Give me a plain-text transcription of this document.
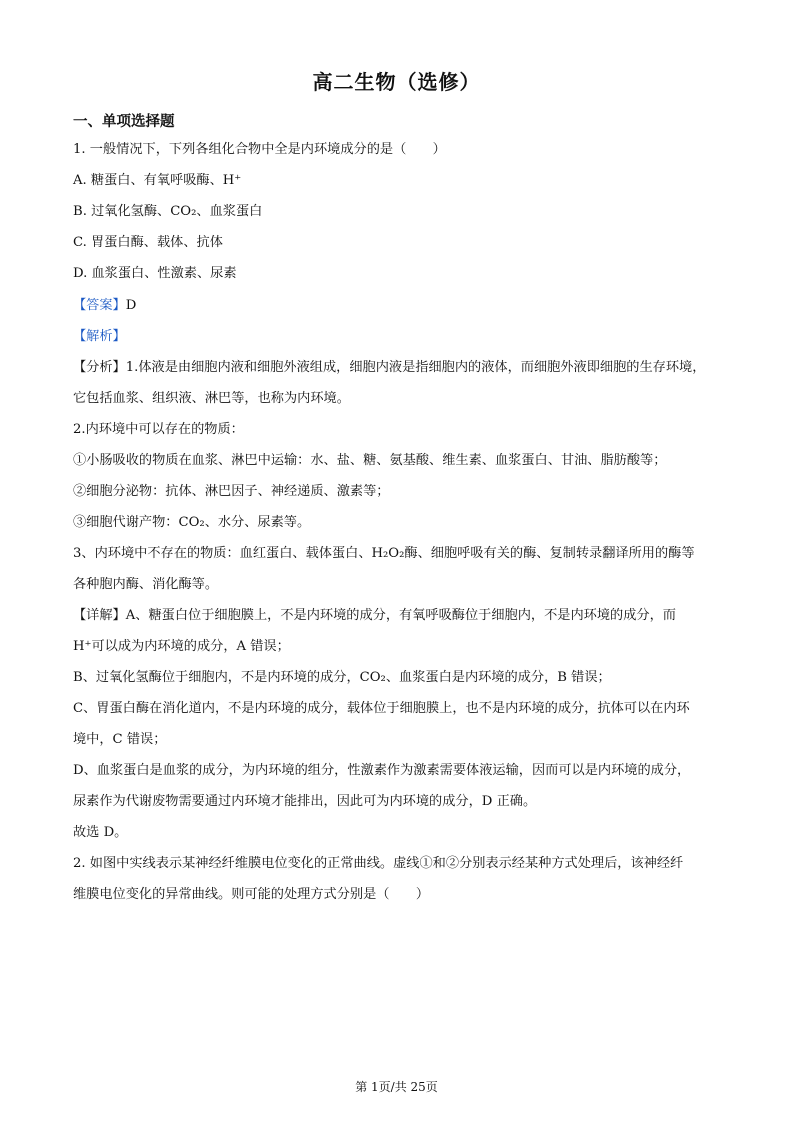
高二生物（选修）
一、单项选择题
1. 一般情况下，下列各组化合物中全是内环境成分的是（　　）
A. 糖蛋白、有氧呼吸酶、H⁺
B. 过氧化氢酶、CO₂、血浆蛋白
C. 胃蛋白酶、载体、抗体
D. 血浆蛋白、性激素、尿素
【答案】D
【解析】
【分析】1.体液是由细胞内液和细胞外液组成，细胞内液是指细胞内的液体，而细胞外液即细胞的生存环境，
它包括血浆、组织液、淋巴等，也称为内环境。
2.内环境中可以存在的物质：
①小肠吸收的物质在血浆、淋巴中运输：水、盐、糖、氨基酸、维生素、血浆蛋白、甘油、脂肪酸等；
②细胞分泌物：抗体、淋巴因子、神经递质、激素等；
③细胞代谢产物：CO₂、水分、尿素等。
3、内环境中不存在的物质：血红蛋白、载体蛋白、H₂O₂酶、细胞呼吸有关的酶、复制转录翻译所用的酶等
各种胞内酶、消化酶等。
【详解】A、糖蛋白位于细胞膜上，不是内环境的成分，有氧呼吸酶位于细胞内，不是内环境的成分，而
H⁺可以成为内环境的成分，A 错误；
B、过氧化氢酶位于细胞内，不是内环境的成分，CO₂、血浆蛋白是内环境的成分，B 错误；
C、胃蛋白酶在消化道内，不是内环境的成分，载体位于细胞膜上，也不是内环境的成分，抗体可以在内环
境中，C 错误；
D、血浆蛋白是血浆的成分，为内环境的组分，性激素作为激素需要体液运输，因而可以是内环境的成分，
尿素作为代谢废物需要通过内环境才能排出，因此可为内环境的成分，D 正确。
故选 D。
2. 如图中实线表示某神经纤维膜电位变化的正常曲线。虚线①和②分别表示经某种方式处理后，该神经纤
维膜电位变化的异常曲线。则可能的处理方式分别是（　　）
第 1页/共 25页
